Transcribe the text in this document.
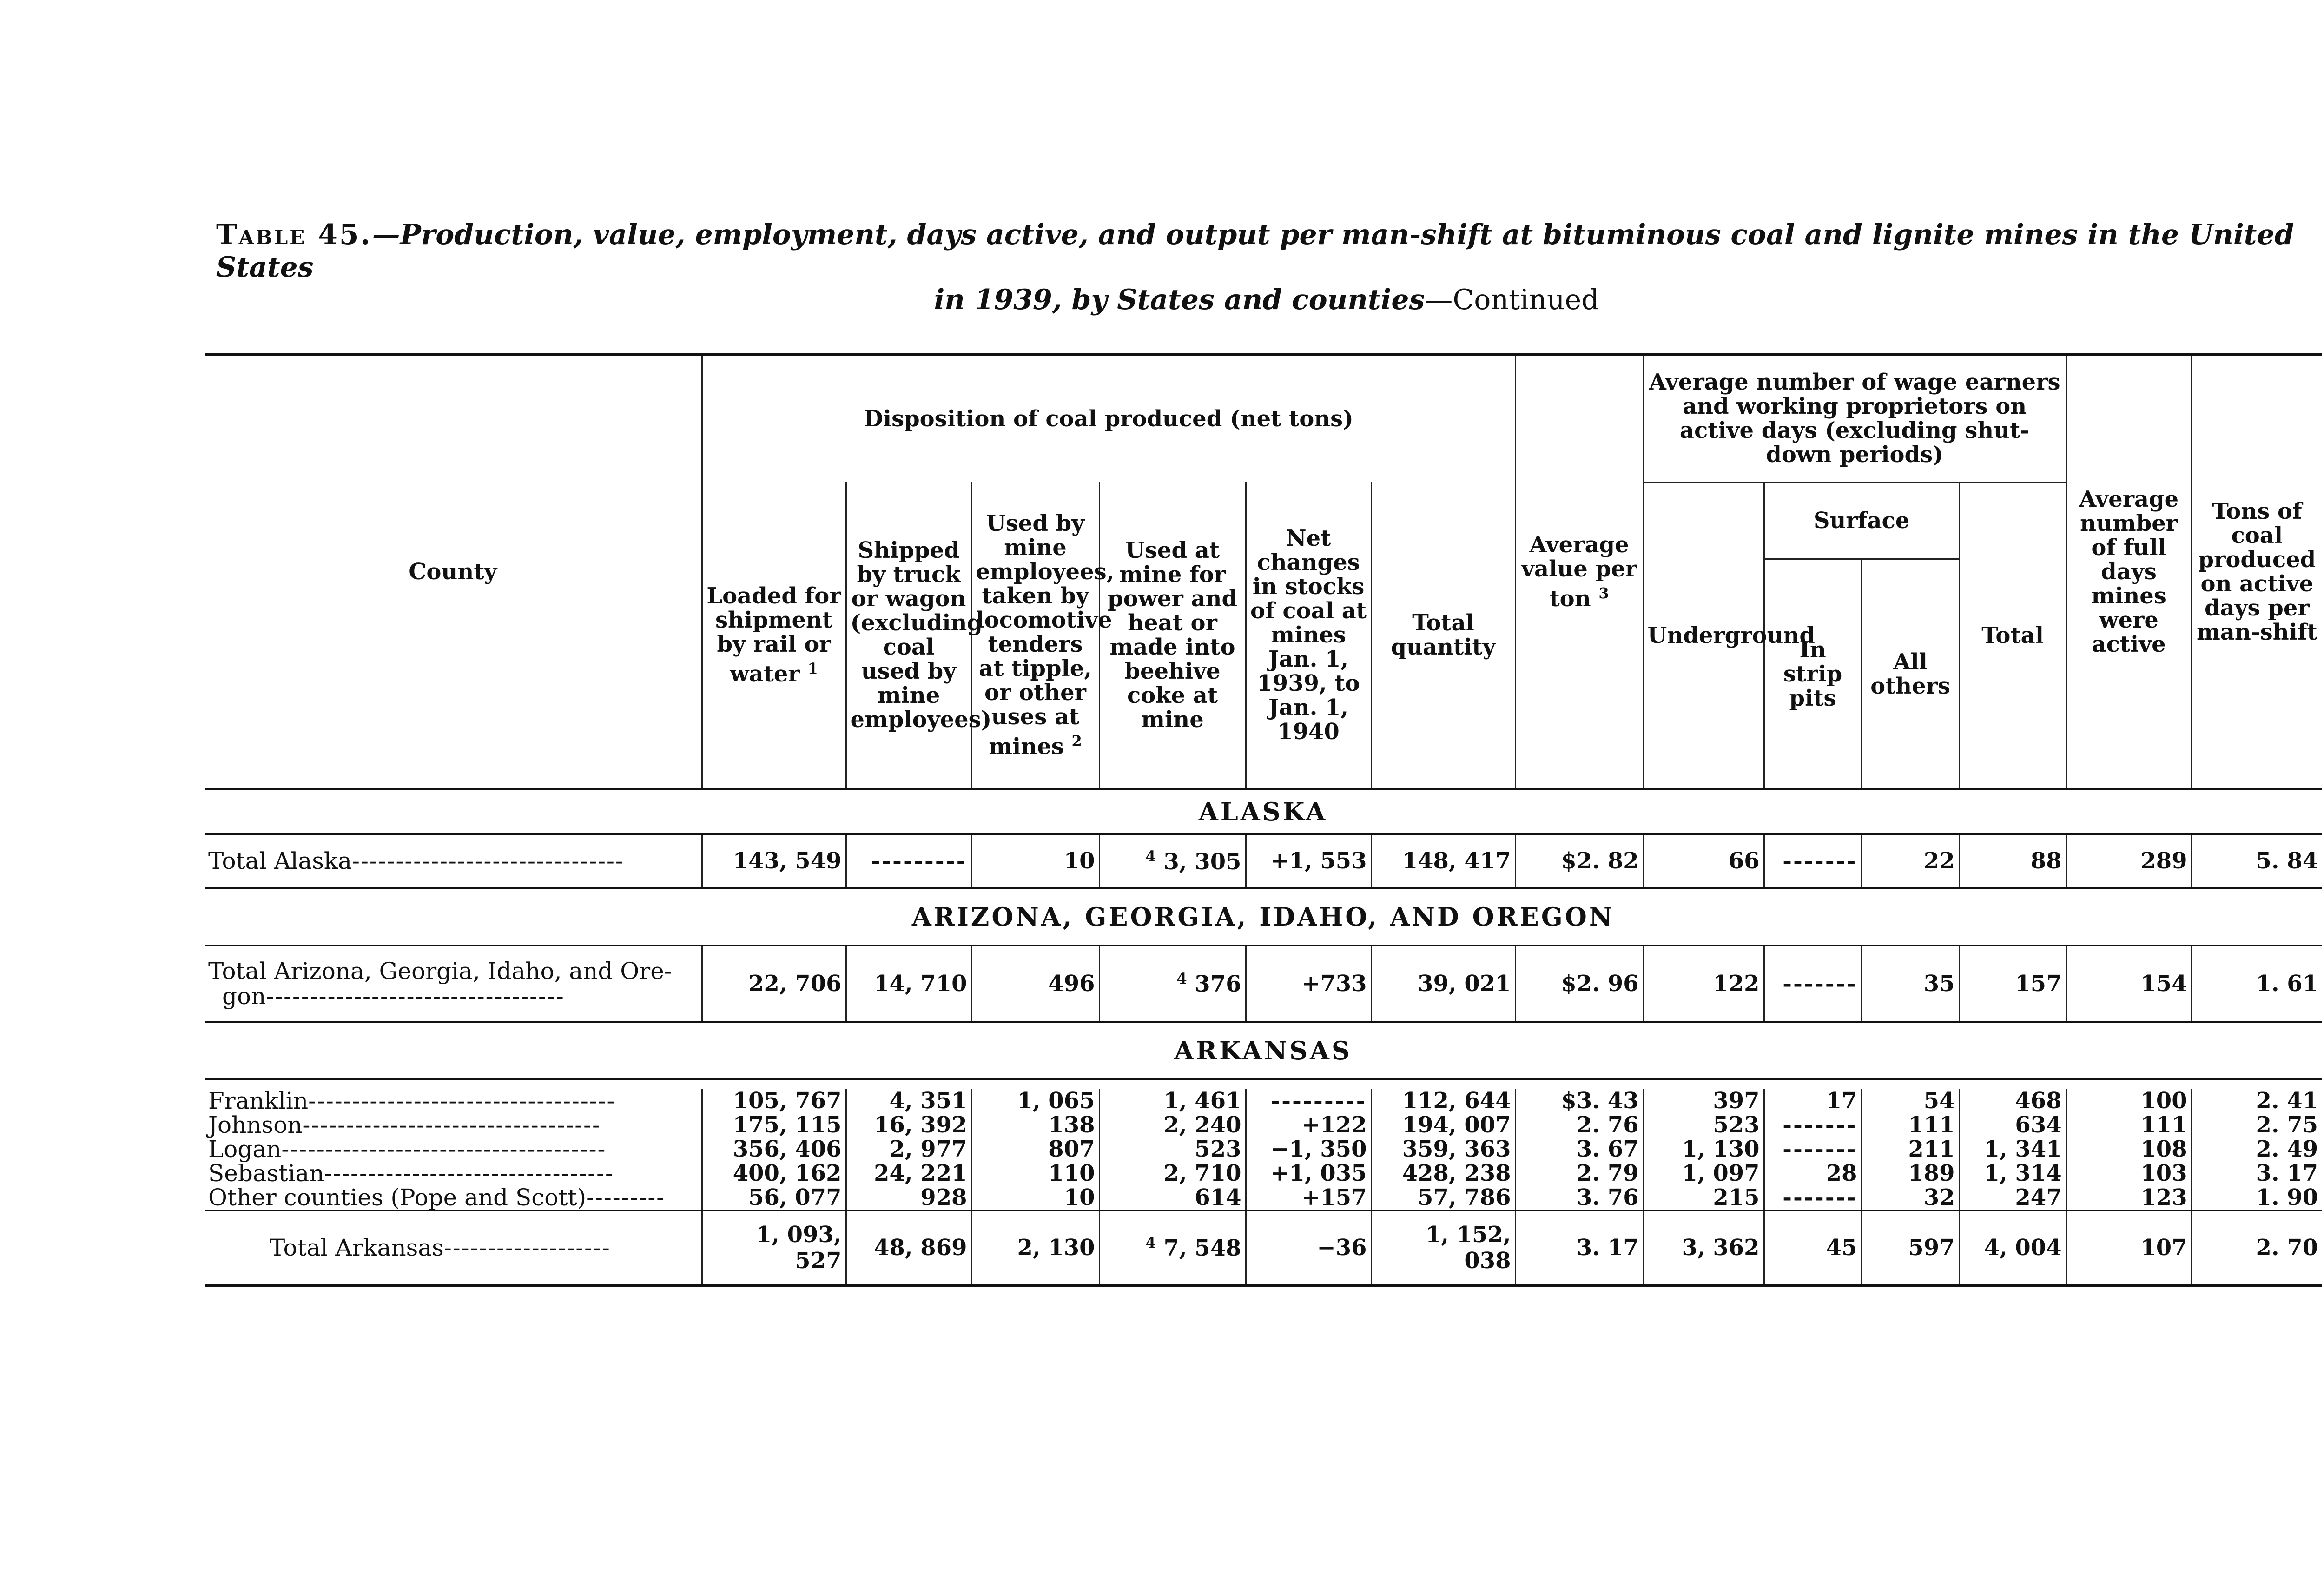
Table 45.—Production, value, employment, days active, and output per man-shift at bituminous coal and lignite mines in the United States
in 1939, by States and counties—Continued
ALASKA													
County	Disposition of coal produced (net tons)						Average value per ton $^3$	Average number of wage earners and working proprietors on active days (excluding shut-down periods)				Average number of full days mines were active	Tons of coal produced on active days per man-shift
	Loaded for shipment by rail or water $^1$	Shipped by truck or wagon (excluding coal used by mine employees)	Used by mine employees, taken by locomotive tenders at tipple, or other uses at mines $^2$	Used at mine for power and heat or made into beehive coke at mine	Net changes in stocks of coal at mines Jan. 1, 1939, to Jan. 1, 1940	Total quantity		Underground	Surface		Total		
									In strip pits	All others			
Total Alaska-------------------------------	143, 549	---------	10	$^4$ 3, 305	+1, 553	148, 417	$2. 82	66	-------	22	88	289	5. 84
ARIZONA, GEORGIA, IDAHO, AND OREGON													
Total Arizona, Georgia, Idaho, and Ore-
gon----------------------------------	22, 706	14, 710	496	$^4$ 376	+733	39, 021	$2. 96	122	-------	35	157	154	1. 61
ARKANSAS													

Franklin-----------------------------------	105, 767	4, 351	1, 065	1, 461	---------	112, 644	$3. 43	397	17	54	468	100	2. 41
Johnson----------------------------------	175, 115	16, 392	138	2, 240	+122	194, 007	2. 76	523	-------	111	634	111	2. 75
Logan-------------------------------------	356, 406	2, 977	807	523	−1, 350	359, 363	3. 67	1, 130	-------	211	1, 341	108	2. 49
Sebastian---------------------------------	400, 162	24, 221	110	2, 710	+1, 035	428, 238	2. 79	1, 097	28	189	1, 314	103	3. 17
Other counties (Pope and Scott)---------	56, 077	928	10	614	+157	57, 786	3. 76	215	-------	32	247	123	1. 90
Total Arkansas-------------------	1, 093, 527	48, 869	2, 130	$^4$ 7, 548	−36	1, 152, 038	3. 17	3, 362	45	597	4, 004	107	2. 70
